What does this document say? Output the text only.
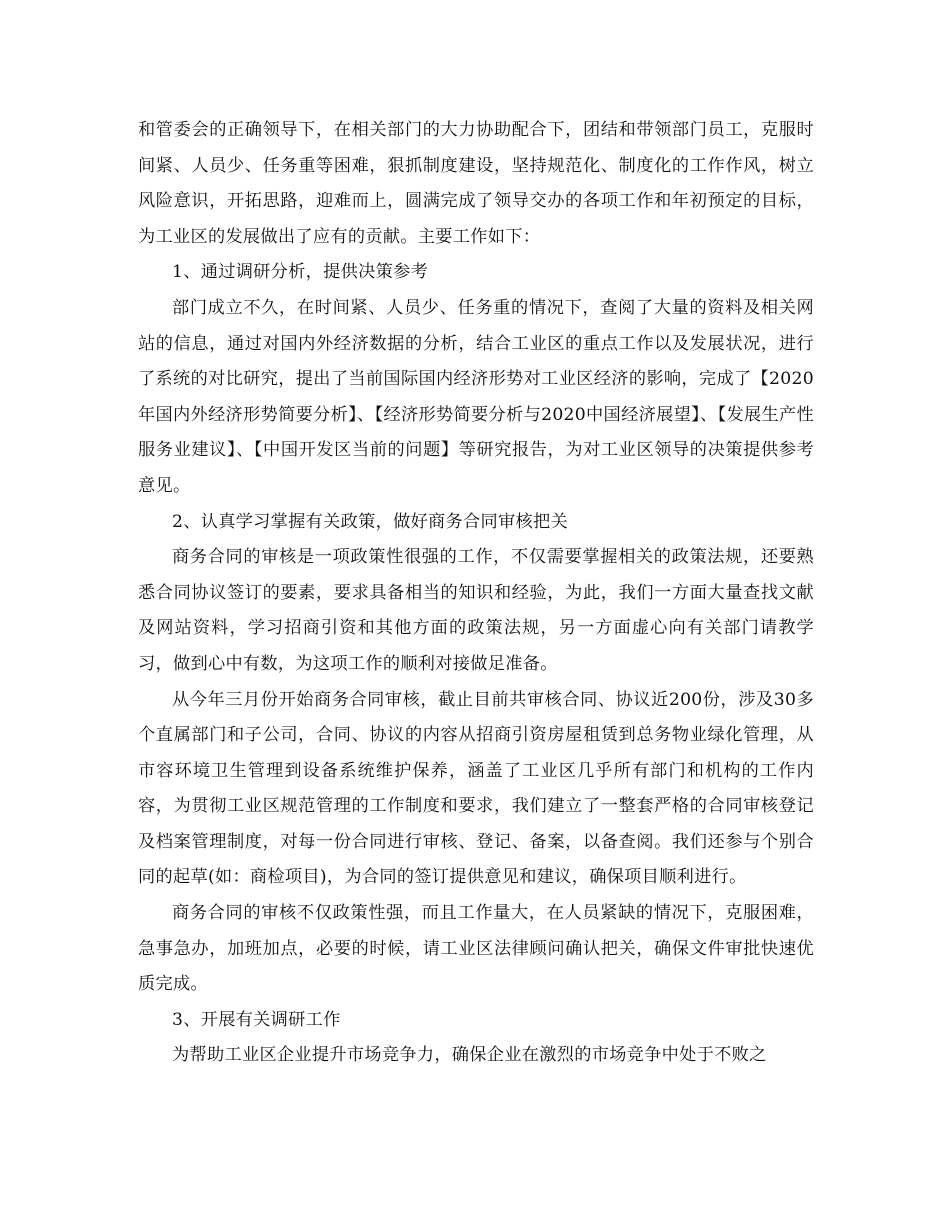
和管委会的正确领导下，在相关部门的大力协助配合下，团结和带领部门员工，克服时间紧、人员少、任务重等困难，狠抓制度建设，坚持规范化、制度化的工作作风，树立风险意识，开拓思路，迎难而上，圆满完成了领导交办的各项工作和年初预定的目标，为工业区的发展做出了应有的贡献。主要工作如下：

1、通过调研分析，提供决策参考

部门成立不久，在时间紧、人员少、任务重的情况下，查阅了大量的资料及相关网站的信息，通过对国内外经济数据的分析，结合工业区的重点工作以及发展状况，进行了系统的对比研究，提出了当前国际国内经济形势对工业区经济的影响，完成了【2020年国内外经济形势简要分析】、【经济形势简要分析与2020中国经济展望】、【发展生产性服务业建议】、【中国开发区当前的问题】等研究报告，为对工业区领导的决策提供参考意见。

2、认真学习掌握有关政策，做好商务合同审核把关

商务合同的审核是一项政策性很强的工作，不仅需要掌握相关的政策法规，还要熟悉合同协议签订的要素，要求具备相当的知识和经验，为此，我们一方面大量查找文献及网站资料，学习招商引资和其他方面的政策法规，另一方面虚心向有关部门请教学习，做到心中有数，为这项工作的顺利对接做足准备。

从今年三月份开始商务合同审核，截止目前共审核合同、协议近200份，涉及30多个直属部门和子公司，合同、协议的内容从招商引资房屋租赁到总务物业绿化管理，从市容环境卫生管理到设备系统维护保养，涵盖了工业区几乎所有部门和机构的工作内容，为贯彻工业区规范管理的工作制度和要求，我们建立了一整套严格的合同审核登记及档案管理制度，对每一份合同进行审核、登记、备案，以备查阅。我们还参与个别合同的起草(如：商检项目)，为合同的签订提供意见和建议，确保项目顺利进行。

商务合同的审核不仅政策性强，而且工作量大，在人员紧缺的情况下，克服困难，急事急办，加班加点，必要的时候，请工业区法律顾问确认把关，确保文件审批快速优质完成。

3、开展有关调研工作

为帮助工业区企业提升市场竞争力，确保企业在激烈的市场竞争中处于不败之
